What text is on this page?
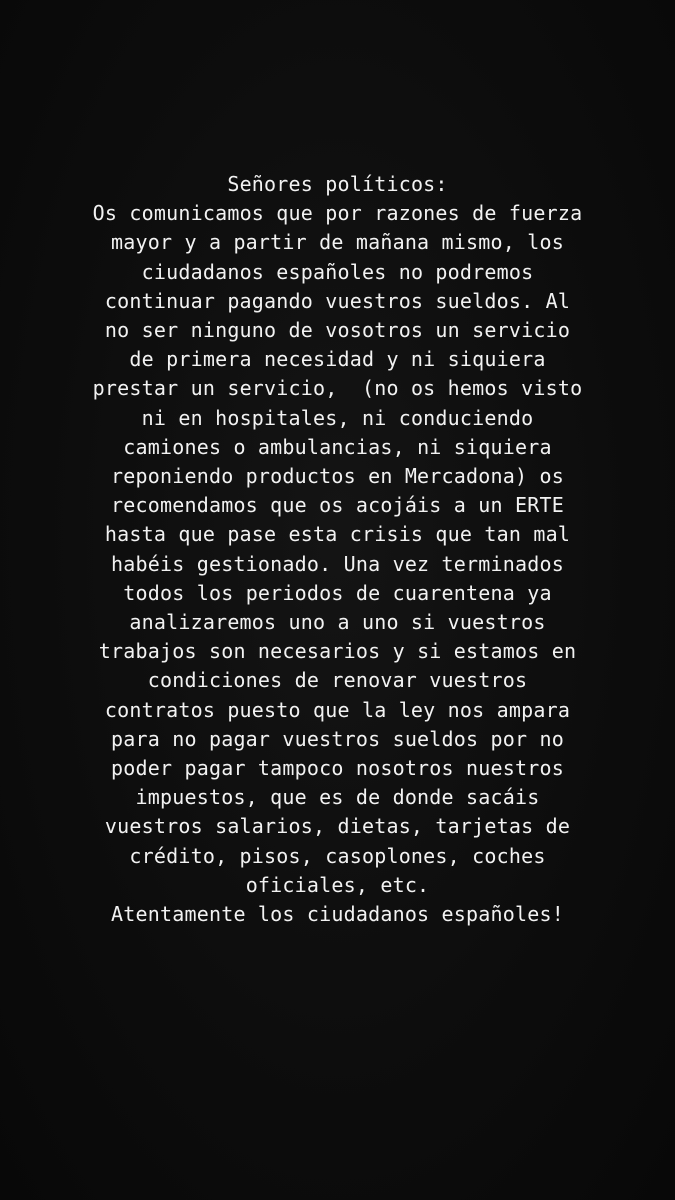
Señores políticos:
Os comunicamos que por razones de fuerza
mayor y a partir de mañana mismo, los
ciudadanos españoles no podremos
continuar pagando vuestros sueldos. Al
no ser ninguno de vosotros un servicio
de primera necesidad y ni siquiera
prestar un servicio,  (no os hemos visto
ni en hospitales, ni conduciendo
camiones o ambulancias, ni siquiera
reponiendo productos en Mercadona) os
recomendamos que os acojáis a un ERTE
hasta que pase esta crisis que tan mal
habéis gestionado. Una vez terminados
todos los periodos de cuarentena ya
analizaremos uno a uno si vuestros
trabajos son necesarios y si estamos en
condiciones de renovar vuestros
contratos puesto que la ley nos ampara
para no pagar vuestros sueldos por no
poder pagar tampoco nosotros nuestros
impuestos, que es de donde sacáis
vuestros salarios, dietas, tarjetas de
crédito, pisos, casoplones, coches
oficiales, etc.
Atentamente los ciudadanos españoles!
